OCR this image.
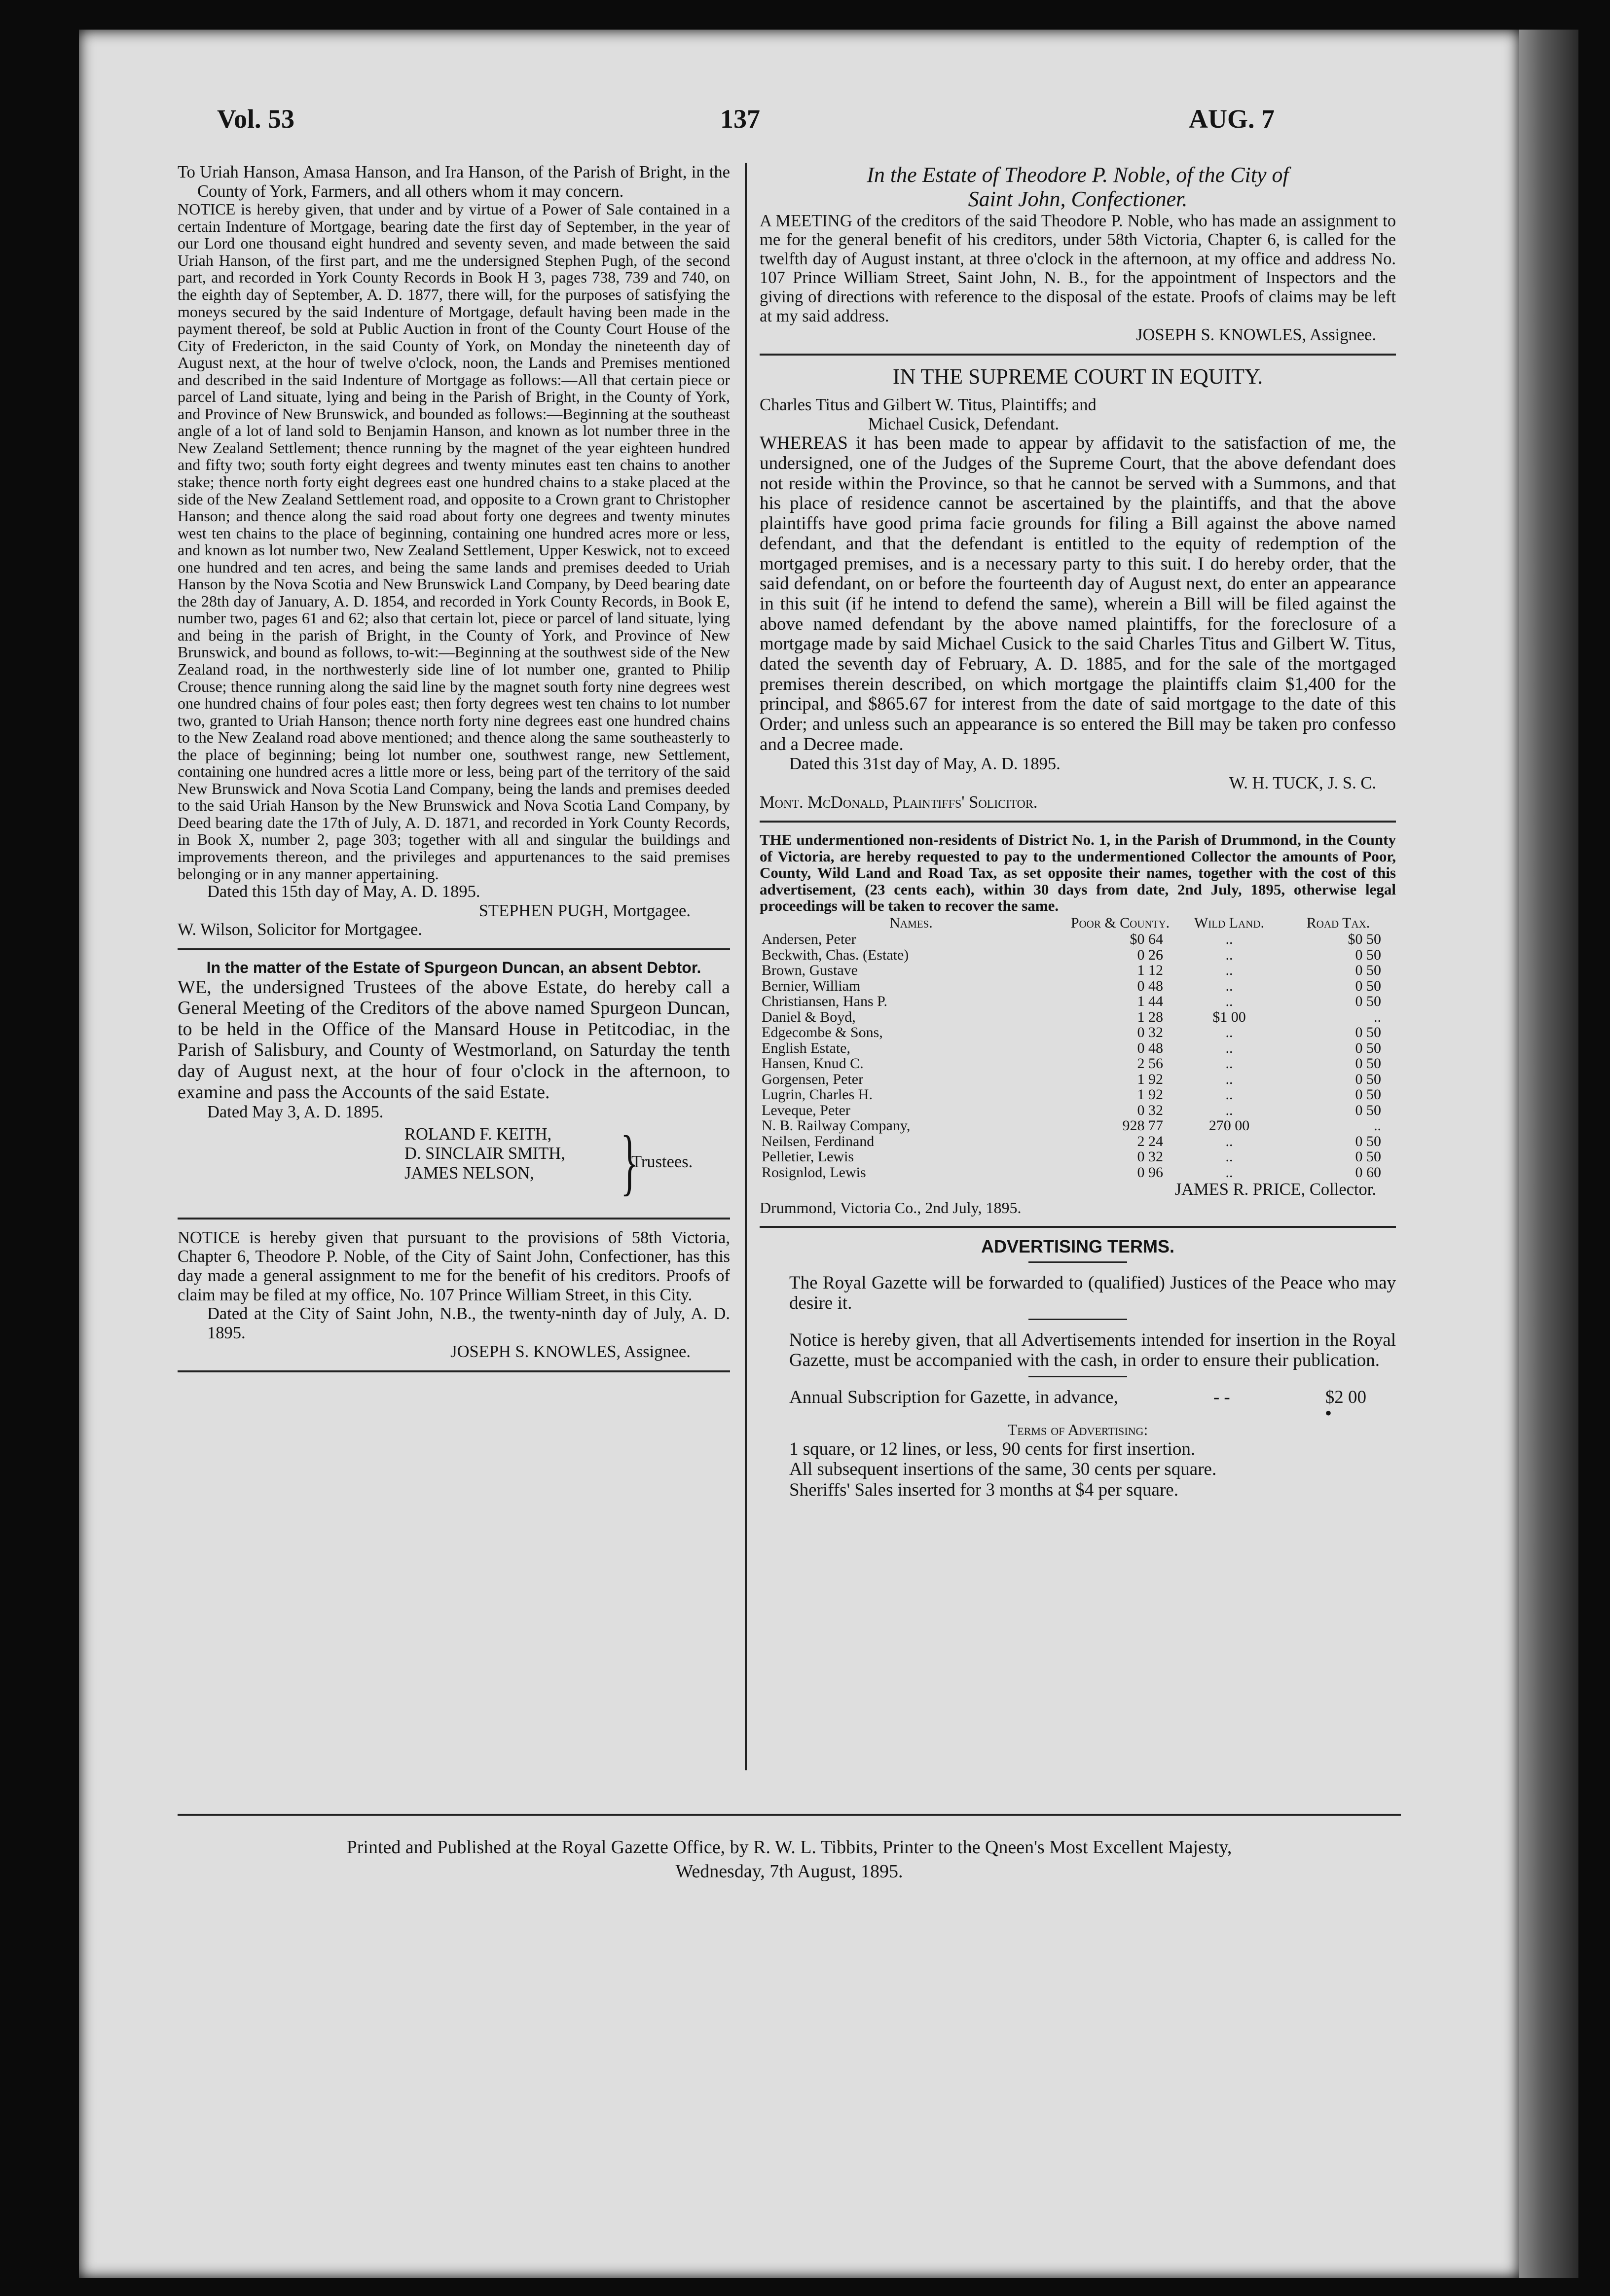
Vol. 53	137	AUG. 7

To Uriah Hanson, Amasa Hanson, and Ira Hanson, of the Parish of Bright, in the County of York, Farmers, and all others whom it may concern.

NOTICE is hereby given, that under and by virtue of a Power of Sale contained in a certain Indenture of Mortgage, bearing date the first day of September, in the year of our Lord one thousand eight hundred and seventy seven, and made between the said Uriah Hanson, of the first part, and me the undersigned Stephen Pugh, of the second part, and recorded in York County Records in Book H 3, pages 738, 739 and 740, on the eighth day of September, A. D. 1877, there will, for the purposes of satisfying the moneys secured by the said Indenture of Mortgage, default having been made in the payment thereof, be sold at Public Auction in front of the County Court House of the City of Fredericton, in the said County of York, on Monday the nineteenth day of August next, at the hour of twelve o'clock, noon, the Lands and Premises mentioned and described in the said Indenture of Mortgage as follows:—All that certain piece or parcel of Land situate, lying and being in the Parish of Bright, in the County of York, and Province of New Brunswick, and bounded as follows:—Beginning at the southeast angle of a lot of land sold to Benjamin Hanson, and known as lot number three in the New Zealand Settlement; thence running by the magnet of the year eighteen hundred and fifty two; south forty eight degrees and twenty minutes east ten chains to another stake; thence north forty eight degrees east one hundred chains to a stake placed at the side of the New Zealand Settlement road, and opposite to a Crown grant to Christopher Hanson; and thence along the said road about forty one degrees and twenty minutes west ten chains to the place of beginning, containing one hundred acres more or less, and known as lot number two, New Zealand Settlement, Upper Keswick, not to exceed one hundred and ten acres, and being the same lands and premises deeded to Uriah Hanson by the Nova Scotia and New Brunswick Land Company, by Deed bearing date the 28th day of January, A. D. 1854, and recorded in York County Records, in Book E, number two, pages 61 and 62; also that certain lot, piece or parcel of land situate, lying and being in the parish of Bright, in the County of York, and Province of New Brunswick, and bound as follows, to-wit:—Beginning at the southwest side of the New Zealand road, in the northwesterly side line of lot number one, granted to Philip Crouse; thence running along the said line by the magnet south forty nine degrees west one hundred chains of four poles east; then forty degrees west ten chains to lot number two, granted to Uriah Hanson; thence north forty nine degrees east one hundred chains to the New Zealand road above mentioned; and thence along the same southeasterly to the place of beginning; being lot number one, southwest range, new Settlement, containing one hundred acres a little more or less, being part of the territory of the said New Brunswick and Nova Scotia Land Company, being the lands and premises deeded to the said Uriah Hanson by the New Brunswick and Nova Scotia Land Company, by Deed bearing date the 17th of July, A. D. 1871, and recorded in York County Records, in Book X, number 2, page 303; together with all and singular the buildings and improvements thereon, and the privileges and appurtenances to the said premises belonging or in any manner appertaining.

Dated this 15th day of May, A. D. 1895.

STEPHEN PUGH, Mortgagee.

W. Wilson, Solicitor for Mortgagee.

In the matter of the Estate of Spurgeon Duncan, an absent Debtor.

WE, the undersigned Trustees of the above Estate, do hereby call a General Meeting of the Creditors of the above named Spurgeon Duncan, to be held in the Office of the Mansard House in Petitcodiac, in the Parish of Salisbury, and County of Westmorland, on Saturday the tenth day of August next, at the hour of four o'clock in the afternoon, to examine and pass the Accounts of the said Estate.

Dated May 3, A. D. 1895.

ROLAND F. KEITH,
D. SINCLAIR SMITH,
JAMES NELSON,	}
Trustees.

NOTICE is hereby given that pursuant to the provisions of 58th Victoria, Chapter 6, Theodore P. Noble, of the City of Saint John, Confectioner, has this day made a general assignment to me for the benefit of his creditors. Proofs of claim may be filed at my office, No. 107 Prince William Street, in this City.

Dated at the City of Saint John, N.B., the twenty-ninth day of July, A. D. 1895.

JOSEPH S. KNOWLES, Assignee.

In the Estate of Theodore P. Noble, of the City of

Saint John, Confectioner.

A MEETING of the creditors of the said Theodore P. Noble, who has made an assignment to me for the general benefit of his creditors, under 58th Victoria, Chapter 6, is called for the twelfth day of August instant, at three o'clock in the afternoon, at my office and address No. 107 Prince William Street, Saint John, N. B., for the appointment of Inspectors and the giving of directions with reference to the disposal of the estate. Proofs of claims may be left at my said address.

JOSEPH S. KNOWLES, Assignee.

IN THE SUPREME COURT IN EQUITY.

Charles Titus and Gilbert W. Titus, Plaintiffs; and

Michael Cusick, Defendant.

WHEREAS it has been made to appear by affidavit to the satisfaction of me, the undersigned, one of the Judges of the Supreme Court, that the above defendant does not reside within the Province, so that he cannot be served with a Summons, and that his place of residence cannot be ascertained by the plaintiffs, and that the above plaintiffs have good prima facie grounds for filing a Bill against the above named defendant, and that the defendant is entitled to the equity of redemption of the mortgaged premises, and is a necessary party to this suit. I do hereby order, that the said defendant, on or before the fourteenth day of August next, do enter an appearance in this suit (if he intend to defend the same), wherein a Bill will be filed against the above named defendant by the above named plaintiffs, for the foreclosure of a mortgage made by said Michael Cusick to the said Charles Titus and Gilbert W. Titus, dated the seventh day of February, A. D. 1885, and for the sale of the mortgaged premises therein described, on which mortgage the plaintiffs claim $1,400 for the principal, and $865.67 for interest from the date of said mortgage to the date of this Order; and unless such an appearance is so entered the Bill may be taken pro confesso and a Decree made.

Dated this 31st day of May, A. D. 1895.

W. H. TUCK, J. S. C.

Mont. McDonald, Plaintiffs' Solicitor.

THE undermentioned non-residents of District No. 1, in the Parish of Drummond, in the County of Victoria, are hereby requested to pay to the undermentioned Collector the amounts of Poor, County, Wild Land and Road Tax, as set opposite their names, together with the cost of this advertisement, (23 cents each), within 30 days from date, 2nd July, 1895, otherwise legal proceedings will be taken to recover the same.

Names.	Poor & County.	Wild Land.	Road Tax.
Andersen, Peter	$0 64	..	$0 50
Beckwith, Chas. (Estate)	0 26	..	0 50
Brown, Gustave	1 12	..	0 50
Bernier, William	0 48	..	0 50
Christiansen, Hans P.	1 44	..	0 50
Daniel & Boyd,	1 28	$1 00	..
Edgecombe & Sons,	0 32	..	0 50
English Estate,	0 48	..	0 50
Hansen, Knud C.	2 56	..	0 50
Gorgensen, Peter	1 92	..	0 50
Lugrin, Charles H.	1 92	..	0 50
Leveque, Peter	0 32	..	0 50
N. B. Railway Company,	928 77	270 00	..
Neilsen, Ferdinand	2 24	..	0 50
Pelletier, Lewis	0 32	..	0 50
Rosignlod, Lewis	0 96	..	0 60

JAMES R. PRICE, Collector.

Drummond, Victoria Co., 2nd July, 1895.

ADVERTISING TERMS.

The Royal Gazette will be forwarded to (qualified) Justices of the Peace who may desire it.

Notice is hereby given, that all Advertisements intended for insertion in the Royal Gazette, must be accompanied with the cash, in order to ensure their publication.

Annual Subscription for Gazette, in advance,	- -	$2 00
•

Terms of Advertising:

1 square, or 12 lines, or less, 90 cents for first insertion.

All subsequent insertions of the same, 30 cents per square.

Sheriffs' Sales inserted for 3 months at $4 per square.

Printed and Published at the Royal Gazette Office, by R. W. L. Tibbits, Printer to the Qneen's Most Excellent Majesty,

Wednesday, 7th August, 1895.
